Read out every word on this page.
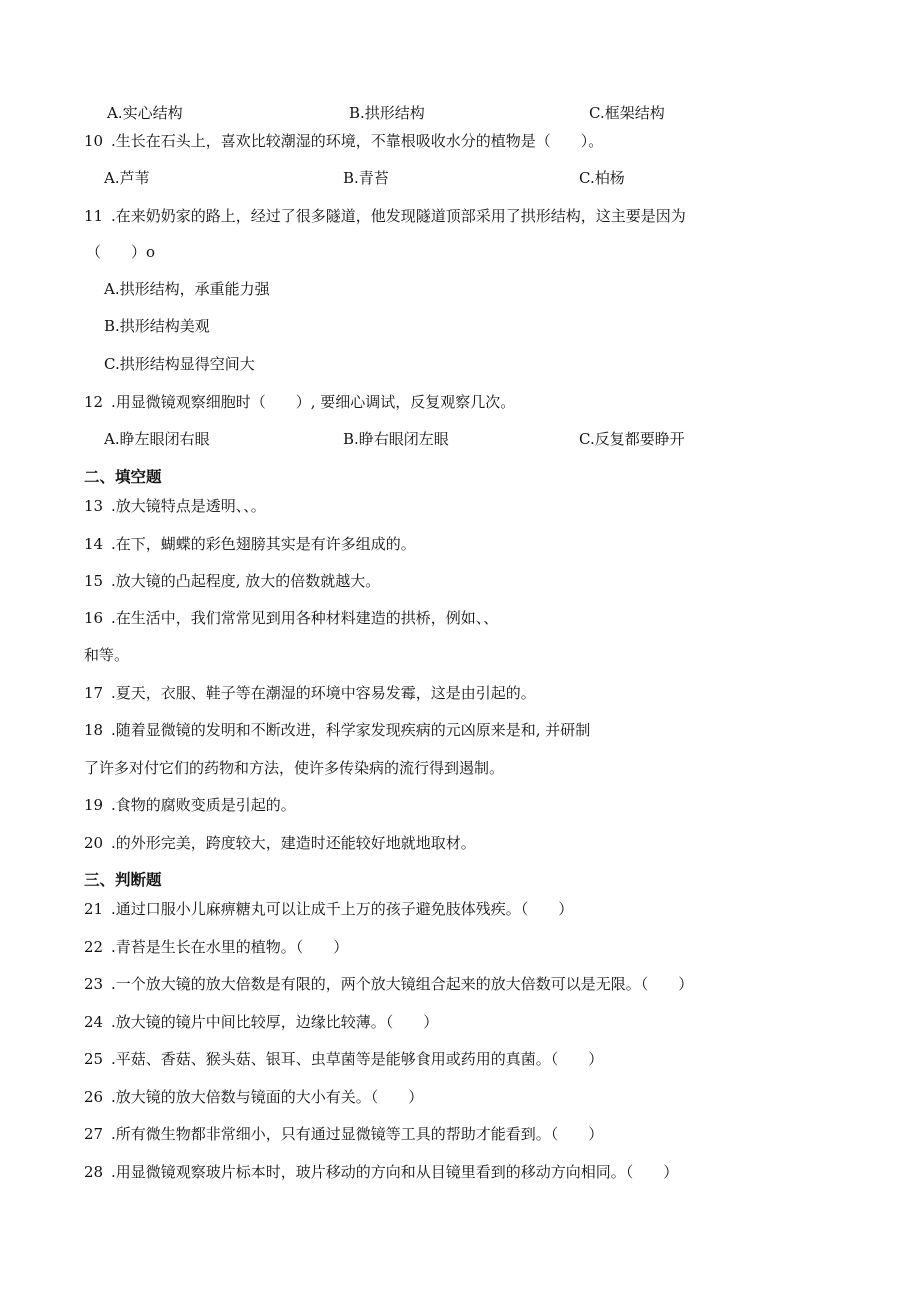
A.实心结构	B.拱形结构	C.框架结构
10 .生长在石头上，喜欢比较潮湿的环境，不靠根吸收水分的植物是（　　）。
A.芦苇	B.青苔	C.柏杨
11 .在来奶奶家的路上，经过了很多隧道，他发现隧道顶部采用了拱形结构，这主要是因为
（　　）o
A.拱形结构，承重能力强
B.拱形结构美观
C.拱形结构显得空间大
12 .用显微镜观察细胞时（　　）, 要细心调试，反复观察几次。
A.睁左眼闭右眼	B.睁右眼闭左眼	C.反复都要睁开
二、填空题
13 .放大镜特点是透明、、。
14 .在下，蝴蝶的彩色翅膀其实是有许多组成的。
15 .放大镜的凸起程度, 放大的倍数就越大。
16 .在生活中，我们常常见到用各种材料建造的拱桥，例如、、
和等。
17 .夏天，衣服、鞋子等在潮湿的环境中容易发霉，这是由引起的。
18 .随着显微镜的发明和不断改进，科学家发现疾病的元凶原来是和, 并研制
了许多对付它们的药物和方法，使许多传染病的流行得到遏制。
19 .食物的腐败变质是引起的。
20 .的外形完美，跨度较大，建造时还能较好地就地取材。
三、判断题
21 .通过口服小儿麻痹糖丸可以让成千上万的孩子避免肢体残疾。（　　）
22 .青苔是生长在水里的植物。（　　）
23 .一个放大镜的放大倍数是有限的，两个放大镜组合起来的放大倍数可以是无限。（　　）
24 .放大镜的镜片中间比较厚，边缘比较薄。（　　）
25 .平菇、香菇、猴头菇、银耳、虫草菌等是能够食用或药用的真菌。（　　）
26 .放大镜的放大倍数与镜面的大小有关。（　　）
27 .所有微生物都非常细小，只有通过显微镜等工具的帮助才能看到。（　　）
28 .用显微镜观察玻片标本时，玻片移动的方向和从目镜里看到的移动方向相同。（　　）
